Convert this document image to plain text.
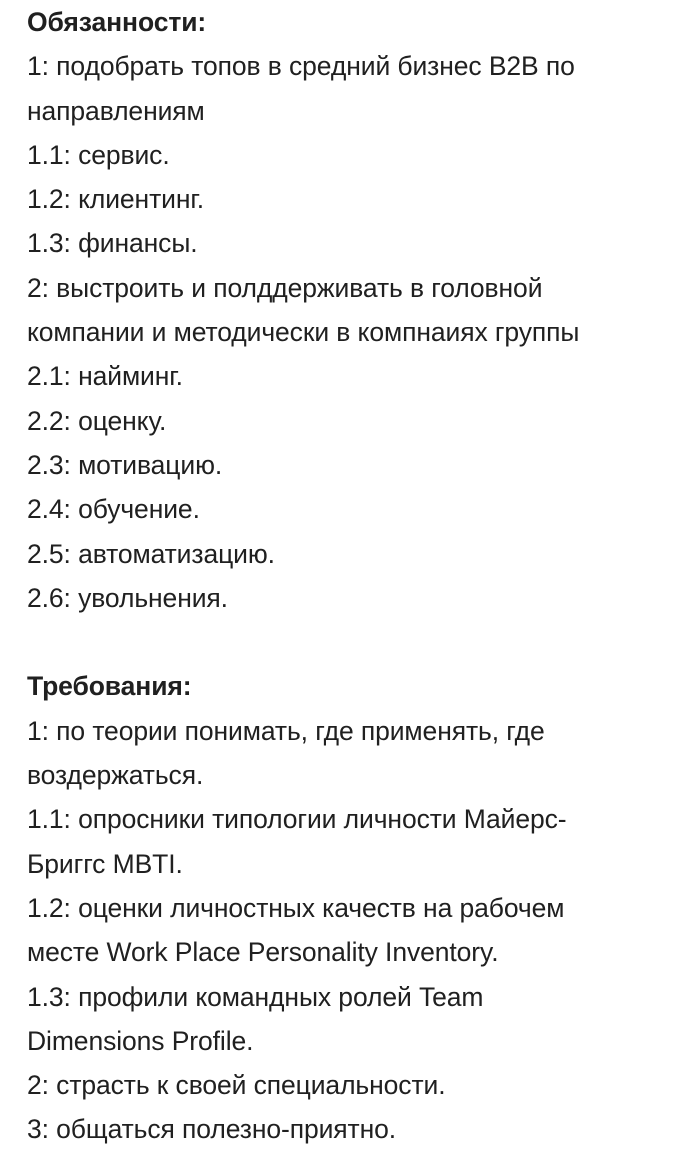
Обязанности:
1: подобрать топов в средний бизнес B2B по
направлениям
1.1: сервис.
1.2: клиентинг.
1.3: финансы.
2: выстроить и полддерживать в головной
компании и методически в компнаиях группы
2.1: найминг.
2.2: оценку.
2.3: мотивацию.
2.4: обучение.
2.5: автоматизацию.
2.6: увольнения.
Требования:
1: по теории понимать, где применять, где
воздержаться.
1.1: опросники типологии личности Майерс-
Бриггс MBTI.
1.2: оценки личностных качеств на рабочем
месте Work Place Personality Inventory.
1.3: профили командных ролей Team
Dimensions Profile.
2: страсть к своей специальности.
3: общаться полезно-приятно.
